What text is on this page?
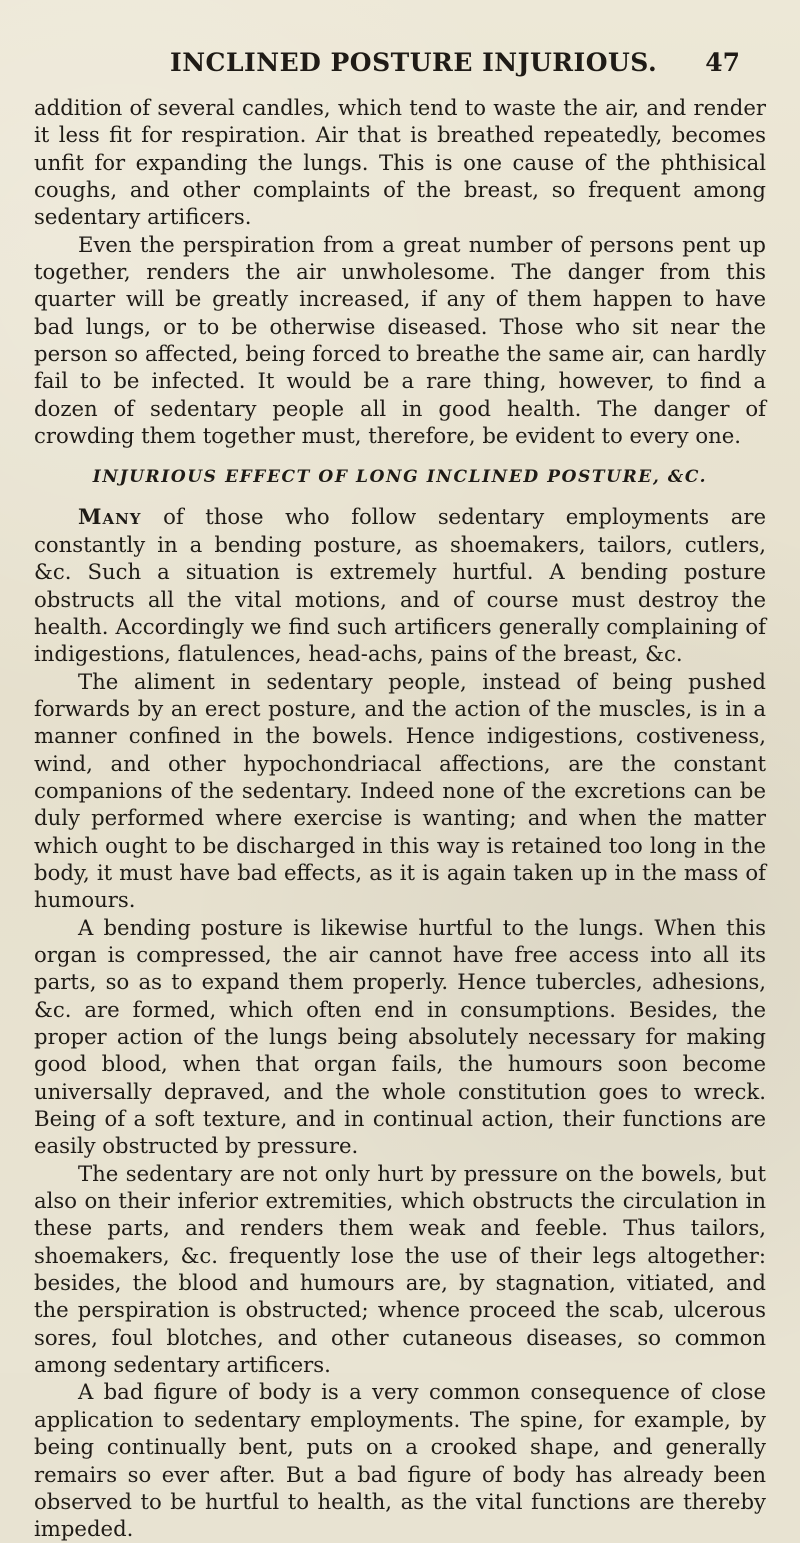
INCLINED POSTURE INJURIOUS. 47

addition of several candles, which tend to waste the air, and render it less fit for respiration. Air that is breathed repeatedly, becomes unfit for expanding the lungs. This is one cause of the phthisical coughs, and other complaints of the breast, so frequent among sedentary artificers.

Even the perspiration from a great number of persons pent up together, renders the air unwholesome. The danger from this quarter will be greatly increased, if any of them happen to have bad lungs, or to be otherwise diseased. Those who sit near the person so affected, being forced to breathe the same air, can hardly fail to be infected. It would be a rare thing, however, to find a dozen of sedentary people all in good health. The danger of crowding them together must, therefore, be evident to every one.

INJURIOUS EFFECT OF LONG INCLINED POSTURE, &C.

Many of those who follow sedentary employments are constantly in a bending posture, as shoemakers, tailors, cutlers, &c. Such a situation is extremely hurtful. A bending posture obstructs all the vital motions, and of course must destroy the health. Accordingly we find such artificers generally complaining of indigestions, flatulences, head-achs, pains of the breast, &c.

The aliment in sedentary people, instead of being pushed forwards by an erect posture, and the action of the muscles, is in a manner confined in the bowels. Hence indigestions, costiveness, wind, and other hypochondriacal affections, are the constant companions of the sedentary. Indeed none of the excretions can be duly performed where exercise is wanting; and when the matter which ought to be discharged in this way is retained too long in the body, it must have bad effects, as it is again taken up in the mass of humours.

A bending posture is likewise hurtful to the lungs. When this organ is compressed, the air cannot have free access into all its parts, so as to expand them properly. Hence tubercles, adhesions, &c. are formed, which often end in consumptions. Besides, the proper action of the lungs being absolutely necessary for making good blood, when that organ fails, the humours soon become universally depraved, and the whole constitution goes to wreck. Being of a soft texture, and in continual action, their functions are easily obstructed by pressure.

The sedentary are not only hurt by pressure on the bowels, but also on their inferior extremities, which obstructs the circulation in these parts, and renders them weak and feeble. Thus tailors, shoemakers, &c. frequently lose the use of their legs altogether: besides, the blood and humours are, by stagnation, vitiated, and the perspiration is obstructed; whence proceed the scab, ulcerous sores, foul blotches, and other cutaneous diseases, so common among sedentary artificers.

A bad figure of body is a very common consequence of close application to sedentary employments. The spine, for example, by being continually bent, puts on a crooked shape, and generally remairs so ever after. But a bad figure of body has already been observed to be hurtful to health, as the vital functions are thereby impeded.
